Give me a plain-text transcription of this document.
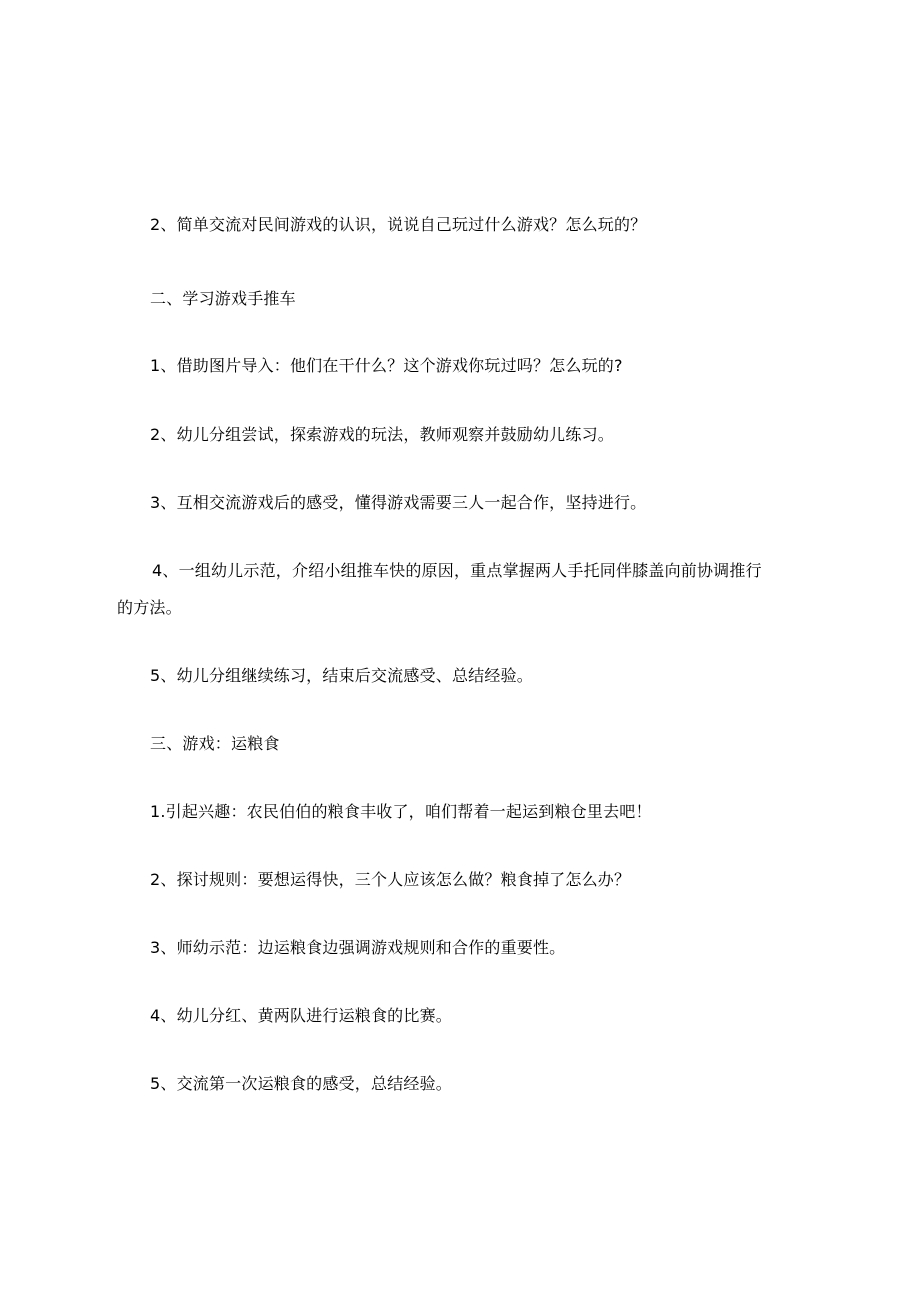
2、简单交流对民间游戏的认识，说说自己玩过什么游戏？怎么玩的？
二、学习游戏手推车
1、借助图片导入：他们在干什么？这个游戏你玩过吗？怎么玩的?
2、幼儿分组尝试，探索游戏的玩法，教师观察并鼓励幼儿练习。
3、互相交流游戏后的感受，懂得游戏需要三人一起合作，坚持进行。
4、一组幼儿示范，介绍小组推车快的原因，重点掌握两人手托同伴膝盖向前协调推行
的方法。
5、幼儿分组继续练习，结束后交流感受、总结经验。
三、游戏：运粮食
1.引起兴趣：农民伯伯的粮食丰收了，咱们帮着一起运到粮仓里去吧！
2、探讨规则：要想运得快，三个人应该怎么做？粮食掉了怎么办？
3、师幼示范：边运粮食边强调游戏规则和合作的重要性。
4、幼儿分红、黄两队进行运粮食的比赛。
5、交流第一次运粮食的感受，总结经验。
